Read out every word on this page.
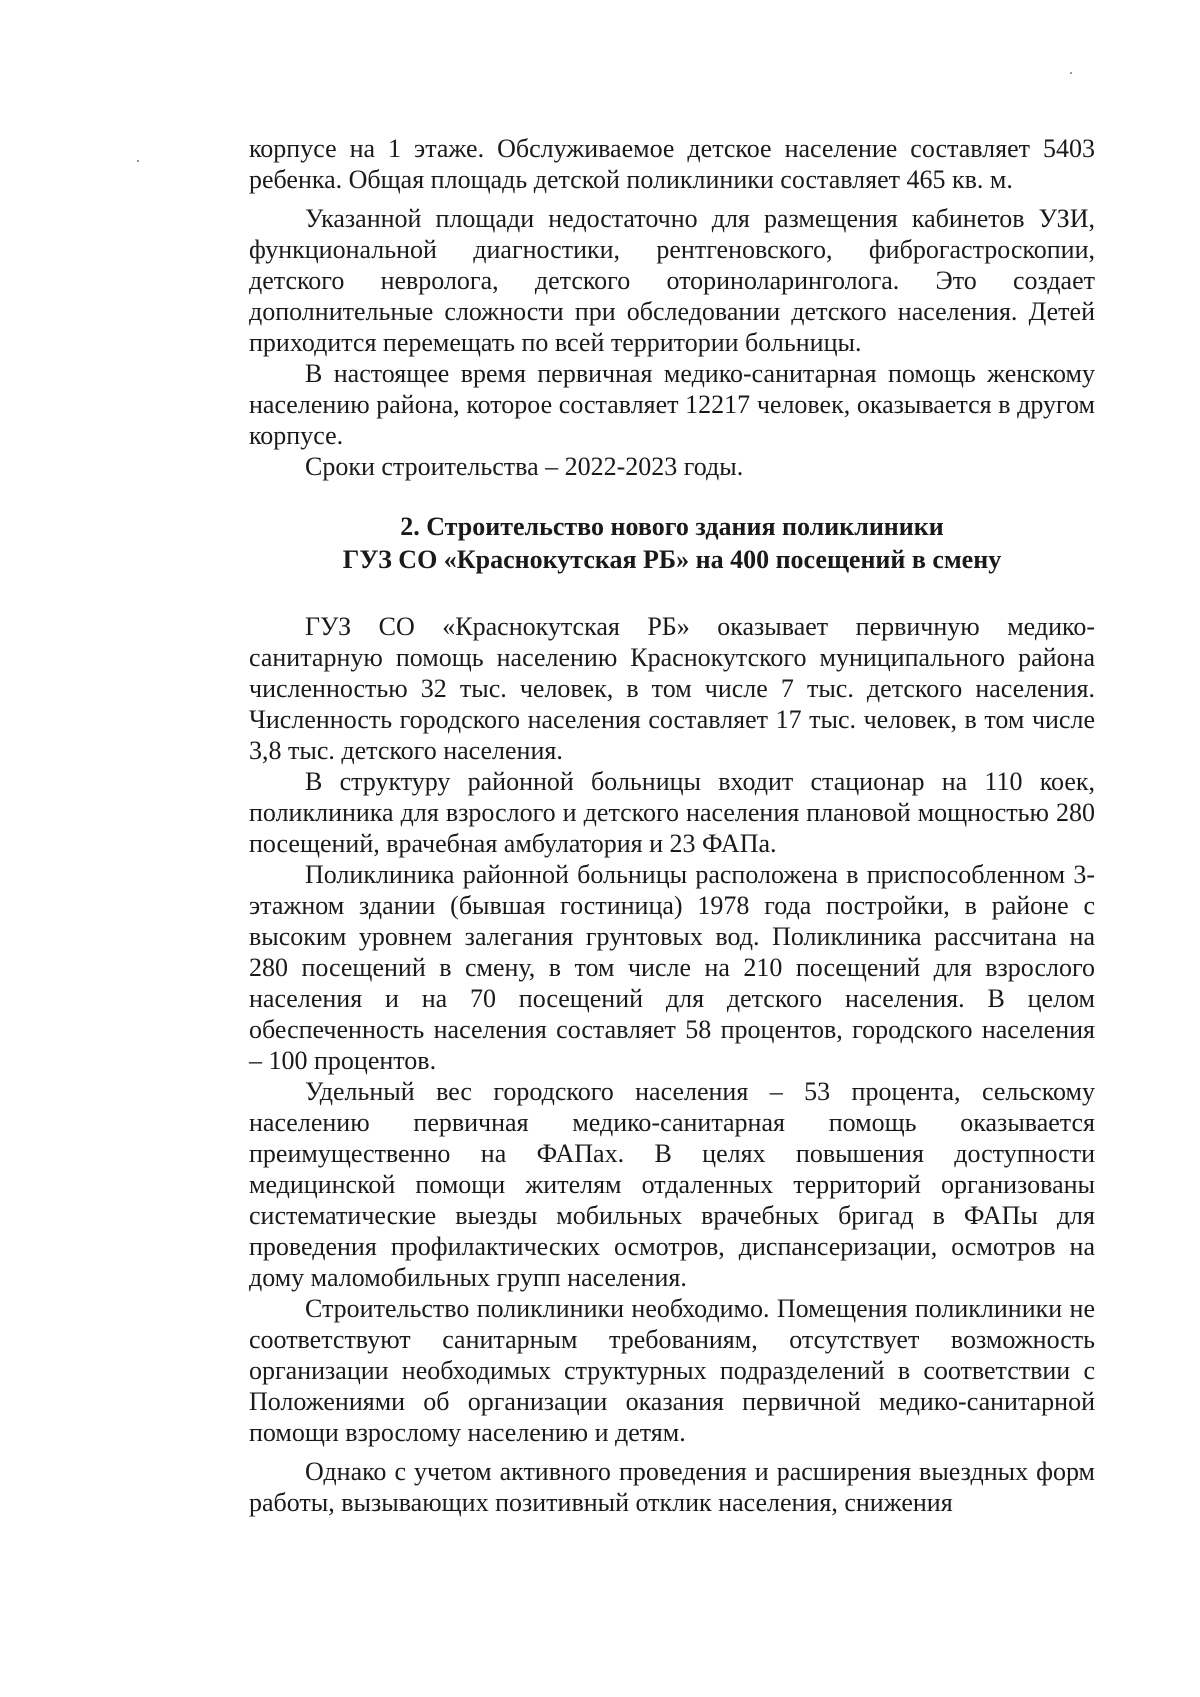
корпусе на 1 этаже. Обслуживаемое детское население составляет 5403 ребенка. Общая площадь детской поликлиники составляет 465 кв. м.

Указанной площади недостаточно для размещения кабинетов УЗИ, функциональной диагностики, рентгеновского, фиброгастроскопии, детского невролога, детского оториноларинголога. Это создает дополнительные сложности при обследовании детского населения. Детей приходится перемещать по всей территории больницы.

В настоящее время первичная медико-санитарная помощь женскому населению района, которое составляет 12217 человек, оказывается в другом корпусе.

Сроки строительства – 2022-2023 годы.

2. Строительство нового здания поликлиники
ГУЗ СО «Краснокутская РБ» на 400 посещений в смену

ГУЗ СО «Краснокутская РБ» оказывает первичную медико-санитарную помощь населению Краснокутского муниципального района численностью 32 тыс. человек, в том числе 7 тыс. детского населения. Численность городского населения составляет 17 тыс. человек, в том числе 3,8 тыс. детского населения.

В структуру районной больницы входит стационар на 110 коек, поликлиника для взрослого и детского населения плановой мощностью 280 посещений, врачебная амбулатория и 23 ФАПа.

Поликлиника районной больницы расположена в приспособленном 3-этажном здании (бывшая гостиница) 1978 года постройки, в районе с высоким уровнем залегания грунтовых вод. Поликлиника рассчитана на 280 посещений в смену, в том числе на 210 посещений для взрослого населения и на 70 посещений для детского населения. В целом обеспеченность населения составляет 58 процентов, городского населения – 100 процентов.

Удельный вес городского населения – 53 процента, сельскому населению первичная медико-санитарная помощь оказывается преимущественно на ФАПах. В целях повышения доступности медицинской помощи жителям отдаленных территорий организованы систематические выезды мобильных врачебных бригад в ФАПы для проведения профилактических осмотров, диспансеризации, осмотров на дому маломобильных групп населения.

Строительство поликлиники необходимо. Помещения поликлиники не соответствуют санитарным требованиям, отсутствует возможность организации необходимых структурных подразделений в соответствии с Положениями об организации оказания первичной медико-санитарной помощи взрослому населению и детям.

Однако с учетом активного проведения и расширения выездных форм работы, вызывающих позитивный отклик населения, снижения
